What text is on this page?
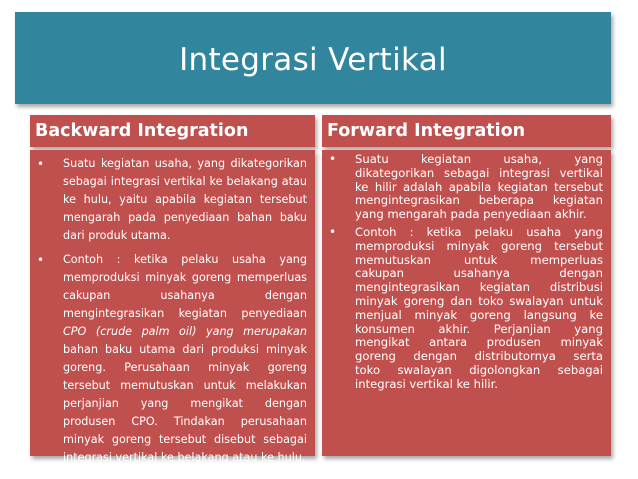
Integrasi Vertikal
Backward Integration	Forward Integration
• Suatu kegiatan usaha, yang dikategorikan
sebagai integrasi vertikal ke belakang atau
ke hulu, yaitu apabila kegiatan tersebut
mengarah pada penyediaan bahan baku
dari produk utama.
• Contoh : ketika pelaku usaha yang
memproduksi minyak goreng memperluas
cakupan usahanya dengan
mengintegrasikan kegiatan penyediaan
CPO (crude palm oil) yang merupakan
bahan baku utama dari produksi minyak
goreng. Perusahaan minyak goreng
tersebut memutuskan untuk melakukan
perjanjian yang mengikat dengan
produsen CPO. Tindakan perusahaan
minyak goreng tersebut disebut sebagai
integrasi vertikal ke belakang atau ke hulu.
• Suatu kegiatan usaha, yang
dikategorikan sebagai integrasi vertikal
ke hilir adalah apabila kegiatan tersebut
mengintegrasikan beberapa kegiatan
yang mengarah pada penyediaan akhir.
• Contoh : ketika pelaku usaha yang
memproduksi minyak goreng tersebut
memutuskan untuk memperluas
cakupan usahanya dengan
mengintegrasikan kegiatan distribusi
minyak goreng dan toko swalayan untuk
menjual minyak goreng langsung ke
konsumen akhir. Perjanjian yang
mengikat antara produsen minyak
goreng dengan distributornya serta
toko swalayan digolongkan sebagai
integrasi vertikal ke hilir.
